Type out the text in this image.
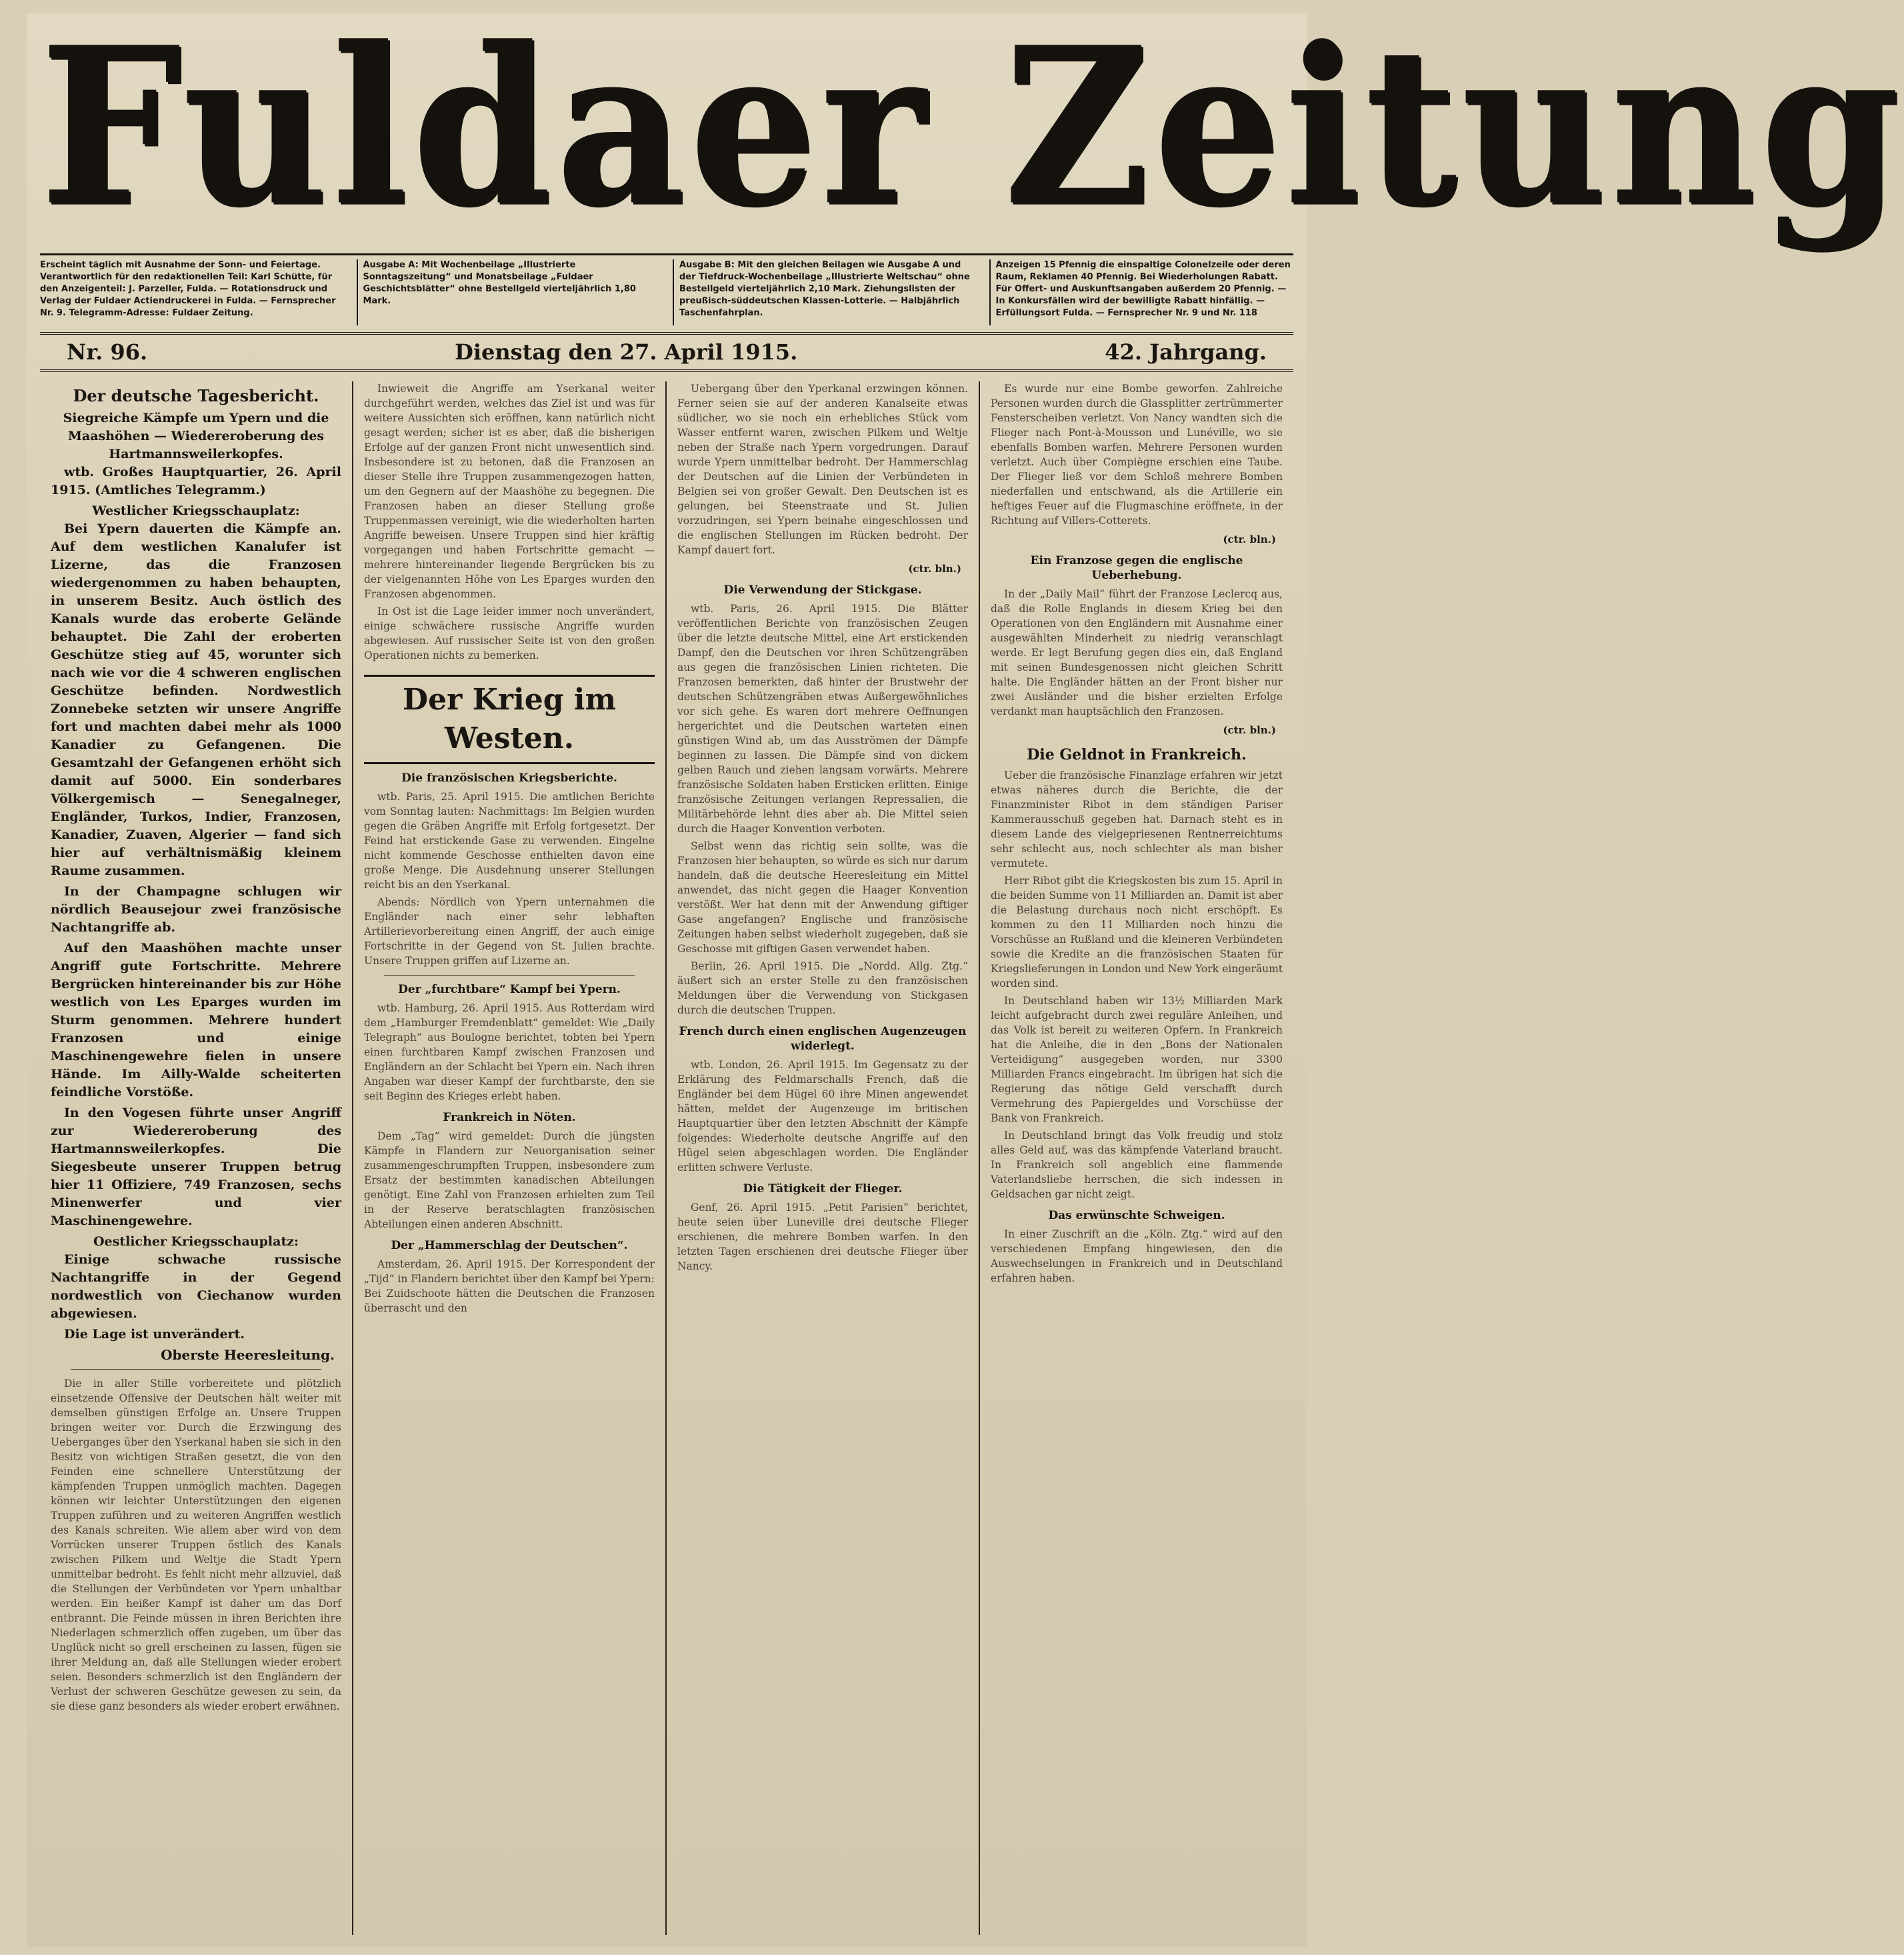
Fuldaer Zeitung
Erscheint täglich mit Ausnahme der Sonn- und Feiertage. Verantwortlich für den redaktionellen Teil: Karl Schütte, für den Anzeigenteil: J. Parzeller, Fulda. — Rotationsdruck und Verlag der Fuldaer Actiendruckerei in Fulda. — Fernsprecher Nr. 9. Telegramm-Adresse: Fuldaer Zeitung.
Ausgabe A: Mit Wochenbeilage „Illustrierte Sonntagszeitung“ und Monatsbeilage „Fuldaer Geschichtsblätter“ ohne Bestellgeld vierteljährlich 1,80 Mark.
Ausgabe B: Mit den gleichen Beilagen wie Ausgabe A und der Tiefdruck-Wochenbeilage „Illustrierte Weltschau“ ohne Bestellgeld vierteljährlich 2,10 Mark. Ziehungslisten der preußisch-süddeutschen Klassen-Lotterie. — Halbjährlich Taschenfahrplan.
Anzeigen 15 Pfennig die einspaltige Colonelzeile oder deren Raum, Reklamen 40 Pfennig. Bei Wiederholungen Rabatt. Für Offert- und Auskunftsangaben außerdem 20 Pfennig. — In Konkursfällen wird der bewilligte Rabatt hinfällig. — Erfüllungsort Fulda. — Fernsprecher Nr. 9 und Nr. 118
Nr. 96.	Dienstag den 27. April 1915.	42. Jahrgang.
Der deutsche Tagesbericht.
Siegreiche Kämpfe um Ypern und die Maashöhen — Wiedereroberung des Hartmannsweilerkopfes.
wtb. Großes Hauptquartier, 26. April 1915. (Amtliches Telegramm.)
Westlicher Kriegsschauplatz:
Bei Ypern dauerten die Kämpfe an. Auf dem westlichen Kanalufer ist Lizerne, das die Franzosen wiedergenommen zu haben behaupten, in unserem Besitz. Auch östlich des Kanals wurde das eroberte Gelände behauptet. Die Zahl der eroberten Geschütze stieg auf 45, worunter sich nach wie vor die 4 schweren englischen Geschütze befinden. Nordwestlich Zonnebeke setzten wir unsere Angriffe fort und machten dabei mehr als 1000 Kanadier zu Gefangenen. Die Gesamtzahl der Gefangenen erhöht sich damit auf 5000. Ein sonderbares Völkergemisch — Senegalneger, Engländer, Turkos, Indier, Franzosen, Kanadier, Zuaven, Algerier — fand sich hier auf verhältnismäßig kleinem Raume zusammen.
In der Champagne schlugen wir nördlich Beausejour zwei französische Nachtangriffe ab.
Auf den Maashöhen machte unser Angriff gute Fortschritte. Mehrere Bergrücken hintereinander bis zur Höhe westlich von Les Eparges wurden im Sturm genommen. Mehrere hundert Franzosen und einige Maschinengewehre fielen in unsere Hände. Im Ailly-Walde scheiterten feindliche Vorstöße.
In den Vogesen führte unser Angriff zur Wiedereroberung des Hartmannsweilerkopfes. Die Siegesbeute unserer Truppen betrug hier 11 Offiziere, 749 Franzosen, sechs Minenwerfer und vier Maschinengewehre.
Oestlicher Kriegsschauplatz:
Einige schwache russische Nachtangriffe in der Gegend nordwestlich von Ciechanow wurden abgewiesen.
Die Lage ist unverändert.
Oberste Heeresleitung.
Die in aller Stille vorbereitete und plötzlich einsetzende Offensive der Deutschen hält weiter mit demselben günstigen Erfolge an. Unsere Truppen bringen weiter vor. Durch die Erzwingung des Ueberganges über den Yserkanal haben sie sich in den Besitz von wichtigen Straßen gesetzt, die von den Feinden eine schnellere Unterstützung der kämpfenden Truppen unmöglich machten. Dagegen können wir leichter Unterstützungen den eigenen Truppen zuführen und zu weiteren Angriffen westlich des Kanals schreiten. Wie allem aber wird von dem Vorrücken unserer Truppen östlich des Kanals zwischen Pilkem und Weltje die Stadt Ypern unmittelbar bedroht. Es fehlt nicht mehr allzuviel, daß die Stellungen der Verbündeten vor Ypern unhaltbar werden. Ein heißer Kampf ist daher um das Dorf entbrannt. Die Feinde müssen in ihren Berichten ihre Niederlagen schmerzlich offen zugeben, um über das Unglück nicht so grell erscheinen zu lassen, fügen sie ihrer Meldung an, daß alle Stellungen wieder erobert seien. Besonders schmerzlich ist den Engländern der Verlust der schweren Geschütze gewesen zu sein, da sie diese ganz besonders als wieder erobert erwähnen.
Inwieweit die Angriffe am Yserkanal weiter durchgeführt werden, welches das Ziel ist und was für weitere Aussichten sich eröffnen, kann natürlich nicht gesagt werden; sicher ist es aber, daß die bisherigen Erfolge auf der ganzen Front nicht unwesentlich sind. Insbesondere ist zu betonen, daß die Franzosen an dieser Stelle ihre Truppen zusammengezogen hatten, um den Gegnern auf der Maashöhe zu begegnen. Die Franzosen haben an dieser Stellung große Truppenmassen vereinigt, wie die wiederholten harten Angriffe beweisen. Unsere Truppen sind hier kräftig vorgegangen und haben Fortschritte gemacht — mehrere hintereinander liegende Bergrücken bis zu der vielgenannten Höhe von Les Eparges wurden den Franzosen abgenommen.
In Ost ist die Lage leider immer noch unverändert, einige schwächere russische Angriffe wurden abgewiesen. Auf russischer Seite ist von den großen Operationen nichts zu bemerken.
Der Krieg im Westen.
Die französischen Kriegsberichte.
wtb. Paris, 25. April 1915. Die amtlichen Berichte vom Sonntag lauten: Nachmittags: Im Belgien wurden gegen die Gräben Angriffe mit Erfolg fortgesetzt. Der Feind hat erstickende Gase zu verwenden. Eingelne nicht kommende Geschosse enthielten davon eine große Menge. Die Ausdehnung unserer Stellungen reicht bis an den Yserkanal.
Abends: Nördlich von Ypern unternahmen die Engländer nach einer sehr lebhaften Artillerievorbereitung einen Angriff, der auch einige Fortschritte in der Gegend von St. Julien brachte. Unsere Truppen griffen auf Lizerne an.
Der „furchtbare“ Kampf bei Ypern.
wtb. Hamburg, 26. April 1915. Aus Rotterdam wird dem „Hamburger Fremdenblatt“ gemeldet: Wie „Daily Telegraph“ aus Boulogne berichtet, tobten bei Ypern einen furchtbaren Kampf zwischen Franzosen und Engländern an der Schlacht bei Ypern ein. Nach ihren Angaben war dieser Kampf der furchtbarste, den sie seit Beginn des Krieges erlebt haben.
Frankreich in Nöten.
Dem „Tag“ wird gemeldet: Durch die jüngsten Kämpfe in Flandern zur Neuorganisation seiner zusammengeschrumpften Truppen, insbesondere zum Ersatz der bestimmten kanadischen Abteilungen genötigt. Eine Zahl von Franzosen erhielten zum Teil in der Reserve beratschlagten französischen Abteilungen einen anderen Abschnitt.
Der „Hammerschlag der Deutschen“.
Amsterdam, 26. April 1915. Der Korrespondent der „Tijd“ in Flandern berichtet über den Kampf bei Ypern: Bei Zuidschoote hätten die Deutschen die Franzosen überrascht und den
Uebergang über den Yperkanal erzwingen können. Ferner seien sie auf der anderen Kanalseite etwas südlicher, wo sie noch ein erhebliches Stück vom Wasser entfernt waren, zwischen Pilkem und Weltje neben der Straße nach Ypern vorgedrungen. Darauf wurde Ypern unmittelbar bedroht. Der Hammerschlag der Deutschen auf die Linien der Verbündeten in Belgien sei von großer Gewalt. Den Deutschen ist es gelungen, bei Steenstraate und St. Julien vorzudringen, sei Ypern beinahe eingeschlossen und die englischen Stellungen im Rücken bedroht. Der Kampf dauert fort.
(ctr. bln.)
Die Verwendung der Stickgase.
wtb. Paris, 26. April 1915. Die Blätter veröffentlichen Berichte von französischen Zeugen über die letzte deutsche Mittel, eine Art erstickenden Dampf, den die Deutschen vor ihren Schützengräben aus gegen die französischen Linien richteten. Die Franzosen bemerkten, daß hinter der Brustwehr der deutschen Schützengräben etwas Außergewöhnliches vor sich gehe. Es waren dort mehrere Oeffnungen hergerichtet und die Deutschen warteten einen günstigen Wind ab, um das Ausströmen der Dämpfe beginnen zu lassen. Die Dämpfe sind von dickem gelben Rauch und ziehen langsam vorwärts. Mehrere französische Soldaten haben Ersticken erlitten. Einige französische Zeitungen verlangen Repressalien, die Militärbehörde lehnt dies aber ab. Die Mittel seien durch die Haager Konvention verboten.
Selbst wenn das richtig sein sollte, was die Franzosen hier behaupten, so würde es sich nur darum handeln, daß die deutsche Heeresleitung ein Mittel anwendet, das nicht gegen die Haager Konvention verstößt. Wer hat denn mit der Anwendung giftiger Gase angefangen? Englische und französische Zeitungen haben selbst wiederholt zugegeben, daß sie Geschosse mit giftigen Gasen verwendet haben.
Berlin, 26. April 1915. Die „Nordd. Allg. Ztg.“ äußert sich an erster Stelle zu den französischen Meldungen über die Verwendung von Stickgasen durch die deutschen Truppen.
French durch einen englischen Augenzeugen widerlegt.
wtb. London, 26. April 1915. Im Gegensatz zu der Erklärung des Feldmarschalls French, daß die Engländer bei dem Hügel 60 ihre Minen angewendet hätten, meldet der Augenzeuge im britischen Hauptquartier über den letzten Abschnitt der Kämpfe folgendes: Wiederholte deutsche Angriffe auf den Hügel seien abgeschlagen worden. Die Engländer erlitten schwere Verluste.
Die Tätigkeit der Flieger.
Genf, 26. April 1915. „Petit Parisien“ berichtet, heute seien über Luneville drei deutsche Flieger erschienen, die mehrere Bomben warfen. In den letzten Tagen erschienen drei deutsche Flieger über Nancy.
Es wurde nur eine Bombe geworfen. Zahlreiche Personen wurden durch die Glassplitter zertrümmerter Fensterscheiben verletzt. Von Nancy wandten sich die Flieger nach Pont-à-Mousson und Lunéville, wo sie ebenfalls Bomben warfen. Mehrere Personen wurden verletzt. Auch über Compiègne erschien eine Taube. Der Flieger ließ vor dem Schloß mehrere Bomben niederfallen und entschwand, als die Artillerie ein heftiges Feuer auf die Flugmaschine eröffnete, in der Richtung auf Villers-Cotterets.
(ctr. bln.)
Ein Franzose gegen die englische Ueberhebung.
In der „Daily Mail“ führt der Franzose Leclercq aus, daß die Rolle Englands in diesem Krieg bei den Operationen von den Engländern mit Ausnahme einer ausgewählten Minderheit zu niedrig veranschlagt werde. Er legt Berufung gegen dies ein, daß England mit seinen Bundesgenossen nicht gleichen Schritt halte. Die Engländer hätten an der Front bisher nur zwei Ausländer und die bisher erzielten Erfolge verdankt man hauptsächlich den Franzosen.
(ctr. bln.)
Die Geldnot in Frankreich.
Ueber die französische Finanzlage erfahren wir jetzt etwas näheres durch die Berichte, die der Finanzminister Ribot in dem ständigen Pariser Kammerausschuß gegeben hat. Darnach steht es in diesem Lande des vielgepriesenen Rentnerreichtums sehr schlecht aus, noch schlechter als man bisher vermutete.
Herr Ribot gibt die Kriegskosten bis zum 15. April in die beiden Summe von 11 Milliarden an. Damit ist aber die Belastung durchaus noch nicht erschöpft. Es kommen zu den 11 Milliarden noch hinzu die Vorschüsse an Rußland und die kleineren Verbündeten sowie die Kredite an die französischen Staaten für Kriegslieferungen in London und New York eingeräumt worden sind.
In Deutschland haben wir 13½ Milliarden Mark leicht aufgebracht durch zwei reguläre Anleihen, und das Volk ist bereit zu weiteren Opfern. In Frankreich hat die Anleihe, die in den „Bons der Nationalen Verteidigung“ ausgegeben worden, nur 3300 Milliarden Francs eingebracht. Im übrigen hat sich die Regierung das nötige Geld verschafft durch Vermehrung des Papiergeldes und Vorschüsse der Bank von Frankreich.
In Deutschland bringt das Volk freudig und stolz alles Geld auf, was das kämpfende Vaterland braucht. In Frankreich soll angeblich eine flammende Vaterlandsliebe herrschen, die sich indessen in Geldsachen gar nicht zeigt.
Das erwünschte Schweigen.
In einer Zuschrift an die „Köln. Ztg.“ wird auf den verschiedenen Empfang hingewiesen, den die Auswechselungen in Frankreich und in Deutschland erfahren haben.
